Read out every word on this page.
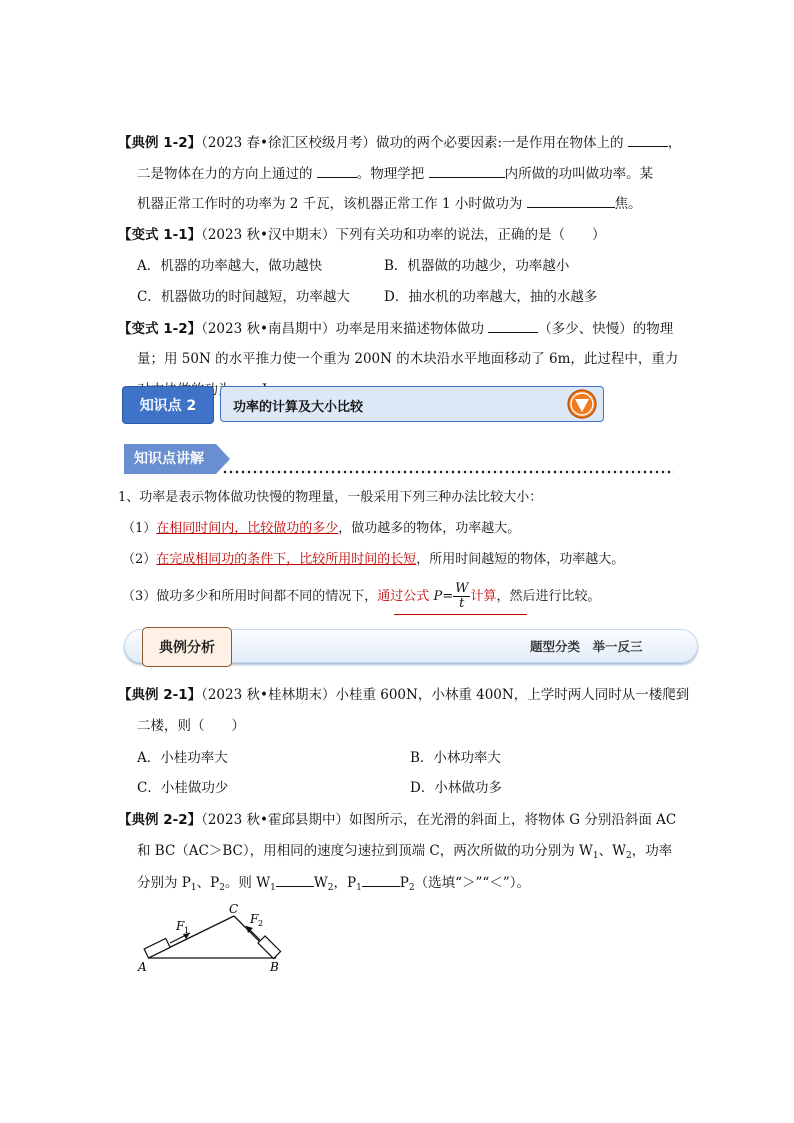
【典例 1-2】（2023 春•徐汇区校级月考）做功的两个必要因素:一是作用在物体上的	，
二是物体在力的方向上通过的	。物理学把	内所做的功叫做功率。某
机器正常工作时的功率为 2 千瓦，该机器正常工作 1 小时做功为	焦。
【变式 1-1】（2023 秋•汉中期末）下列有关功和功率的说法，正确的是（　　）
A．机器的功率越大，做功越快	B．机器做的功越少，功率越小
C．机器做功的时间越短，功率越大	D．抽水机的功率越大，抽的水越多
【变式 1-2】（2023 秋•南昌期中）功率是用来描述物体做功	（多少、快慢）的物理
量；用 50N 的水平推力使一个重为 200N 的木块沿水平地面移动了 6m，此过程中，重力
知识点 2	功率的计算及大小比较
知识点讲解
1、功率是表示物体做功快慢的物理量，一般采用下列三种办法比较大小：
（1）在相同时间内，比较做功的多少，做功越多的物体，功率越大。
（2）在完成相同功的条件下，比较所用时间的长短，所用时间越短的物体，功率越大。
（3）做功多少和所用时间都不同的情况下，通过公式 $P= \frac{W}{t}$ 计算，然后进行比较。
典例分析	题型分类　举一反三
【典例 2-1】（2023 秋•桂林期末）小桂重 600N，小林重 400N，上学时两人同时从一楼爬到
二楼，则（　　）
A．小桂功率大	B．小林功率大
C．小桂做功少	D．小林做功多
【典例 2-2】（2023 秋•霍邱县期中）如图所示，在光滑的斜面上，将物体 G 分别沿斜面 AC
和 BC（AC＞BC），用相同的速度匀速拉到顶端 C，两次所做的功分别为 $W_1$、$W_2$，功率
分别为 $P_1$、$P_2$。则 $W_1$	$W_2$，$P_1$	$P_2$（选填“＞”“＜”）。
F 1
F 2
C
A	B
